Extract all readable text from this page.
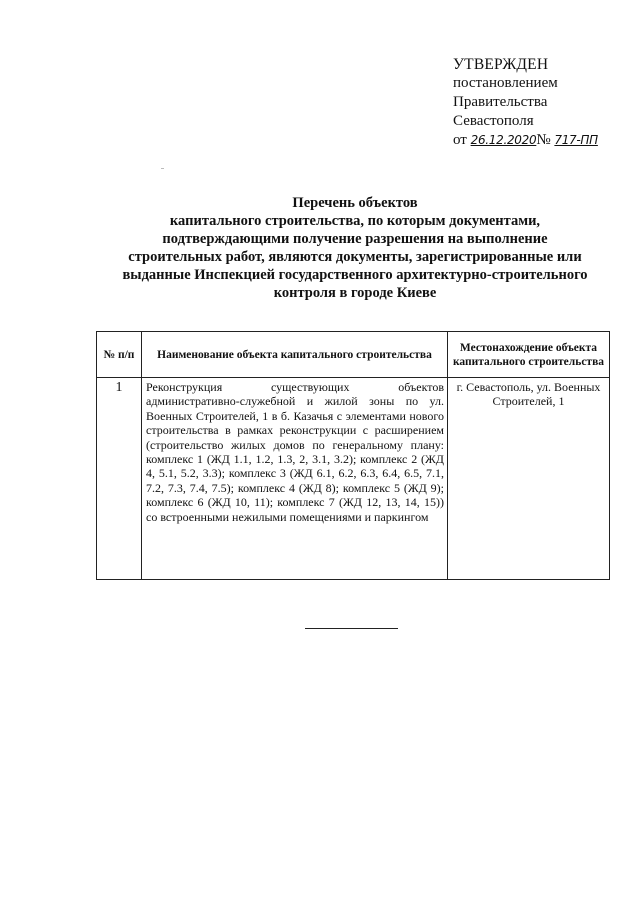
УТВЕРЖДЕН
постановлением
Правительства
Севастополя
от 26.12.2020№ 717-ПП
Перечень объектов
капитального строительства, по которым документами,
подтверждающими получение разрешения на выполнение
строительных работ, являются документы, зарегистрированные или
выданные Инспекцией государственного архитектурно-строительного
контроля в городе Киеве
№ п/п	Наименование объекта капитального строительства	Местонахождение объекта капитального строительства
1	Реконструкция существующих объектов административно-служебной и жилой зоны по ул. Военных Строителей, 1 в б. Казачья с элементами нового строительства в рамках реконструкции с расширением (строительство жилых домов по генеральному плану: комплекс 1 (ЖД 1.1, 1.2, 1.3, 2, 3.1, 3.2); комплекс 2 (ЖД 4, 5.1, 5.2, 3.3); комплекс 3 (ЖД 6.1, 6.2, 6.3, 6.4, 6.5, 7.1, 7.2, 7.3, 7.4, 7.5); комплекс 4 (ЖД 8); комплекс 5 (ЖД 9); комплекс 6 (ЖД 10, 11); комплекс 7 (ЖД 12, 13, 14, 15)) со встроенными нежилыми помещениями и паркингом	г. Севастополь, ул. Военных Строителей, 1
